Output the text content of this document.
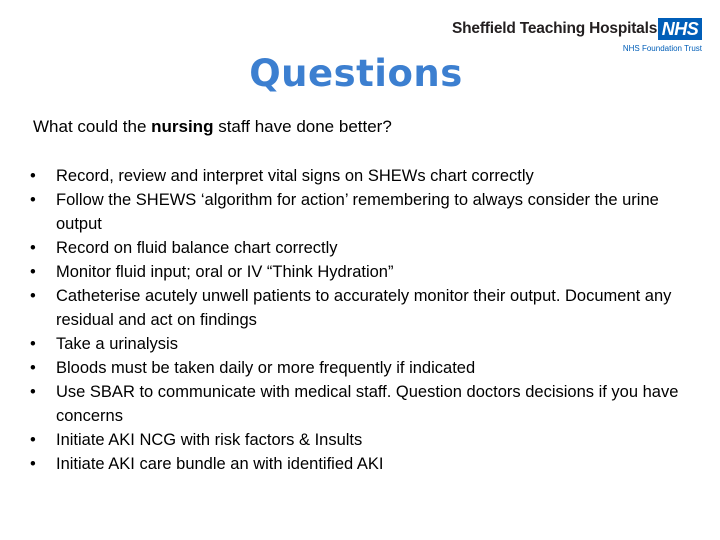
Sheffield Teaching Hospitals NHS
NHS Foundation Trust
Questions

What could the nursing staff have done better?

• Record, review and interpret vital signs on SHEWs chart correctly
• Follow the SHEWS ‘algorithm for action’ remembering to always consider the urine output
• Record on fluid balance chart correctly
• Monitor fluid input; oral or IV “Think Hydration”
• Catheterise acutely unwell patients to accurately monitor their output. Document any residual and act on findings
• Take a urinalysis
• Bloods must be taken daily or more frequently if indicated
• Use SBAR to communicate with medical staff. Question doctors decisions if you have concerns
• Initiate AKI NCG with risk factors & Insults
• Initiate AKI care bundle an with identified AKI
